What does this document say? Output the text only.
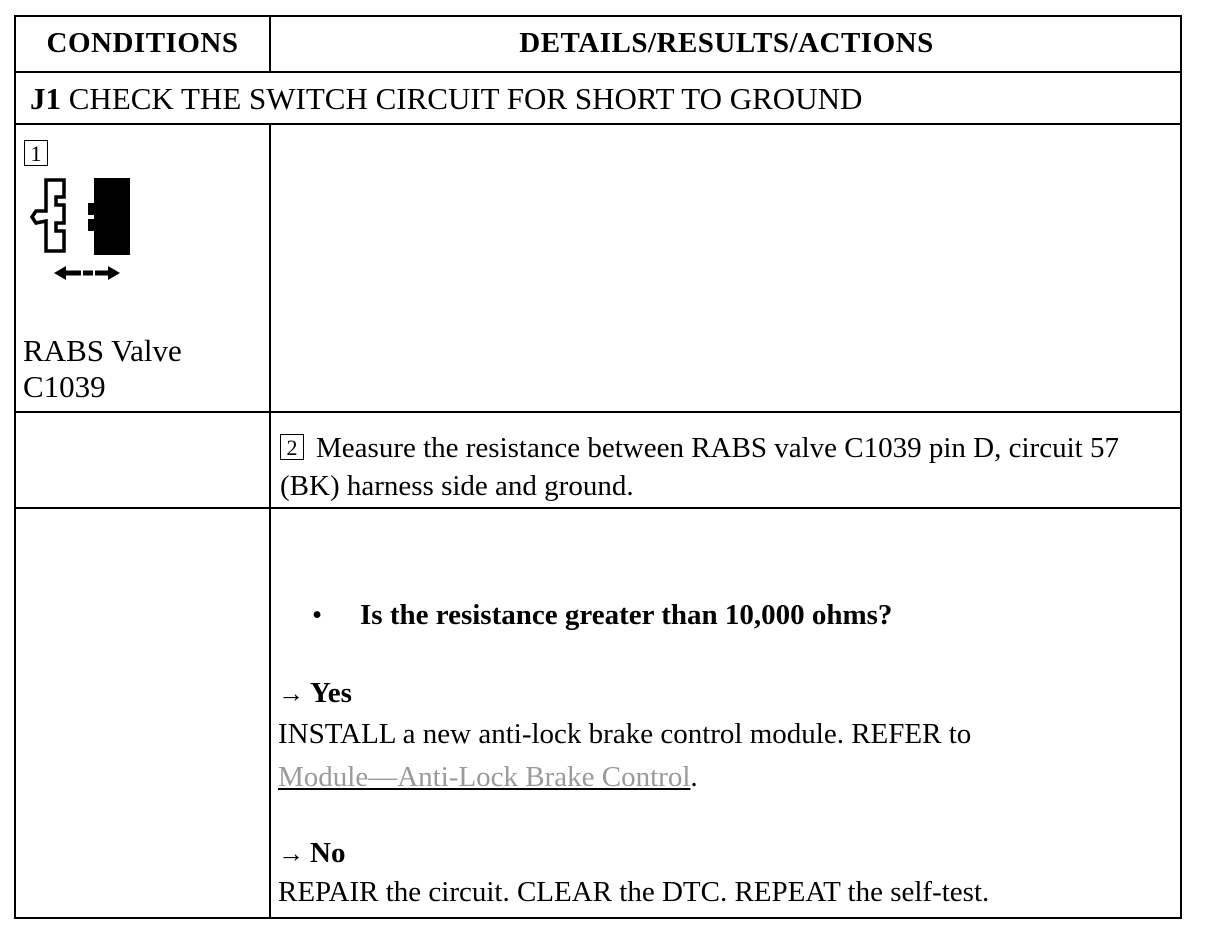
CONDITIONS	DETAILS/RESULTS/ACTIONS
J1 CHECK THE SWITCH CIRCUIT FOR SHORT TO GROUND
1
RABS Valve
C1039
2 Measure the resistance between RABS valve C1039 pin D, circuit 57 (BK) harness side and ground.
• Is the resistance greater than 10,000 ohms?
→ Yes
INSTALL a new anti-lock brake control module. REFER to
Module—Anti-Lock Brake Control.
→ No
REPAIR the circuit. CLEAR the DTC. REPEAT the self-test.
